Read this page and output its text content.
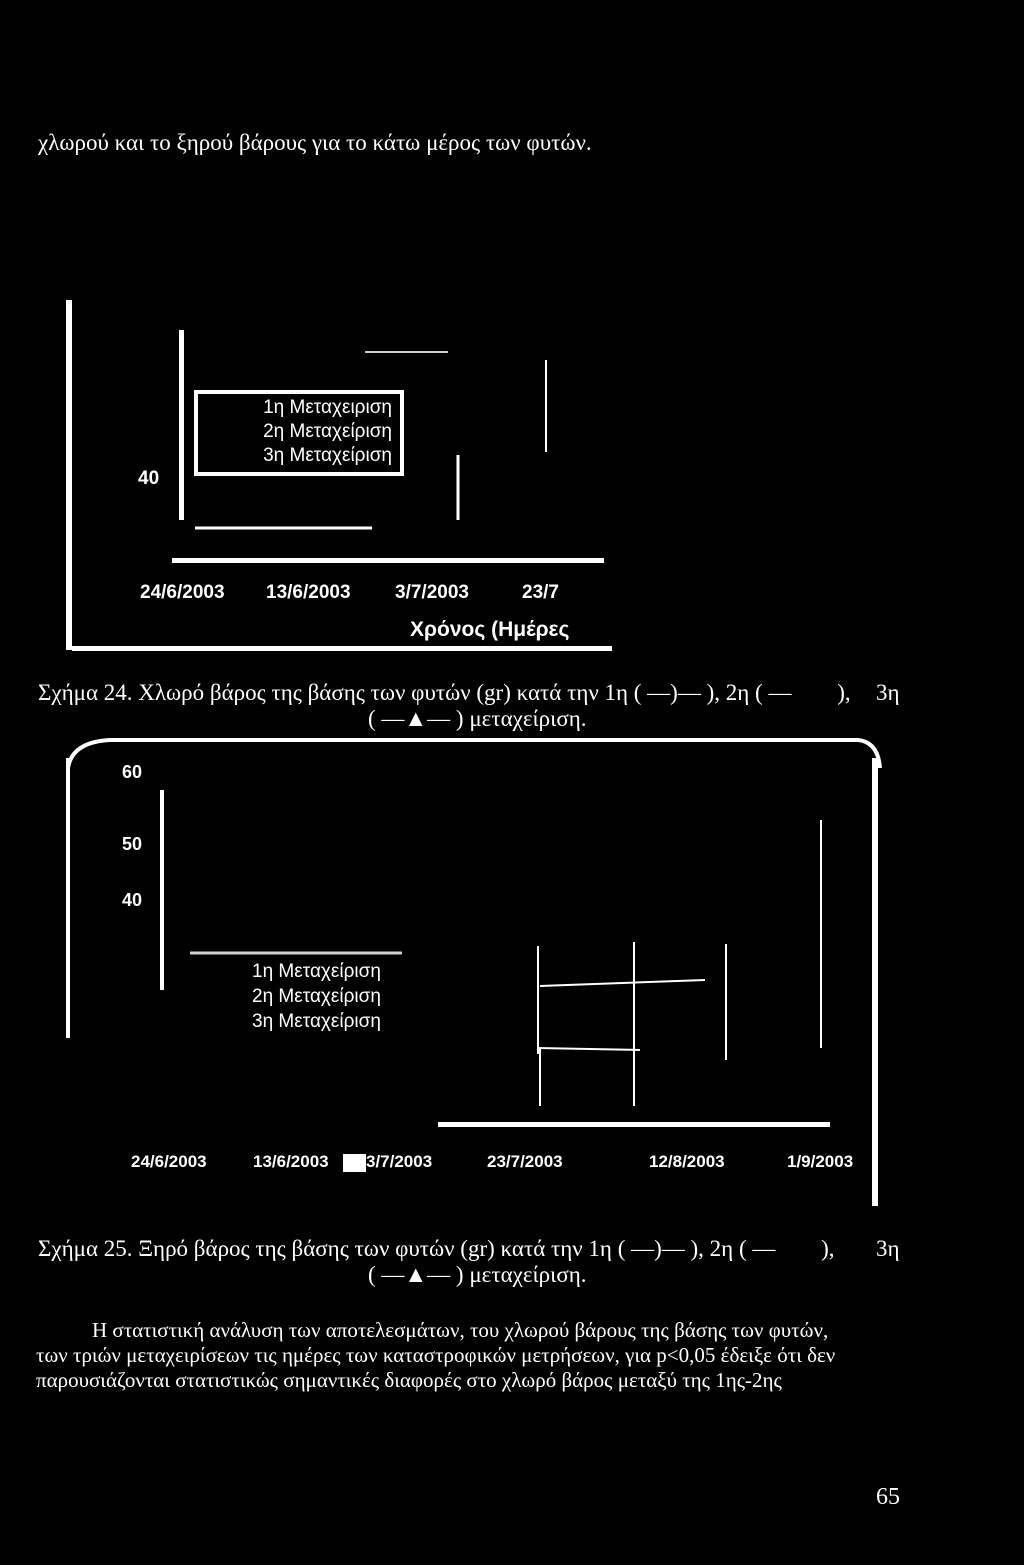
χλωρού και το ξηρού βάρους για το κάτω μέρος των φυτών.
40
1η Μεταχειριση
2η Μεταχείριση
3η Μεταχείριση
24/6/2003 13/6/2003 3/7/2003	23/7
Χρόνος (Ημέρες
Σχήμα 24. Χλωρό βάρος της βάσης των φυτών (gr) κατά την 1η ( —)— ), 2η ( — ), 3η
( —▲— ) μεταχείριση.
60
50
40
1η Μεταχείριση
2η Μεταχείριση
3η Μεταχείριση
24/6/2003	13/6/2003 3/7/2003	23/7/2003	12/8/2003	1/9/2003
Σχήμα 25. Ξηρό βάρος της βάσης των φυτών (gr) κατά την 1η ( —)— ), 2η ( — ), 3η
( —▲— ) μεταχείριση.
Η στατιστική ανάλυση των αποτελεσμάτων, του χλωρού βάρους της βάσης των φυτών,
των τριών μεταχειρίσεων τις ημέρες των καταστροφικών μετρήσεων, για p<0,05 έδειξε ότι δεν
παρουσιάζονται στατιστικώς σημαντικές διαφορές στο χλωρό βάρος μεταξύ της 1ης-2ης
65
